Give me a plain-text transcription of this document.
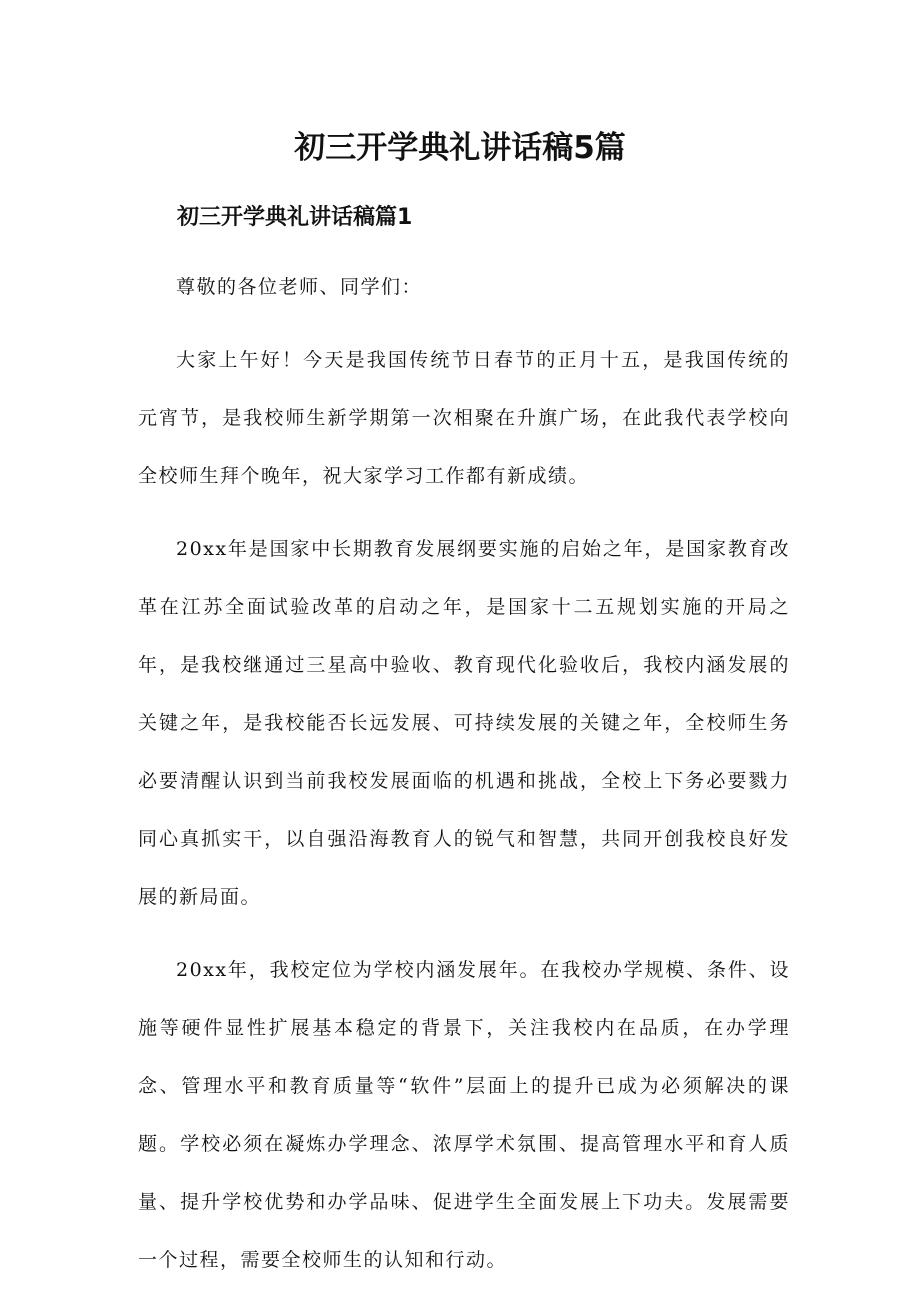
初三开学典礼讲话稿5篇
初三开学典礼讲话稿篇1

尊敬的各位老师、同学们：

大家上午好！今天是我国传统节日春节的正月十五，是我国传统的元宵节，是我校师生新学期第一次相聚在升旗广场，在此我代表学校向全校师生拜个晚年，祝大家学习工作都有新成绩。

20xx年是国家中长期教育发展纲要实施的启始之年，是国家教育改革在江苏全面试验改革的启动之年，是国家十二五规划实施的开局之年，是我校继通过三星高中验收、教育现代化验收后，我校内涵发展的关键之年，是我校能否长远发展、可持续发展的关键之年，全校师生务必要清醒认识到当前我校发展面临的机遇和挑战，全校上下务必要戮力同心真抓实干，以自强沿海教育人的锐气和智慧，共同开创我校良好发展的新局面。

20xx年，我校定位为学校内涵发展年。在我校办学规模、条件、设施等硬件显性扩展基本稳定的背景下，关注我校内在品质，在办学理念、管理水平和教育质量等“软件”层面上的提升已成为必须解决的课题。学校必须在凝炼办学理念、浓厚学术氛围、提高管理水平和育人质量、提升学校优势和办学品味、促进学生全面发展上下功夫。发展需要一个过程，需要全校师生的认知和行动。
